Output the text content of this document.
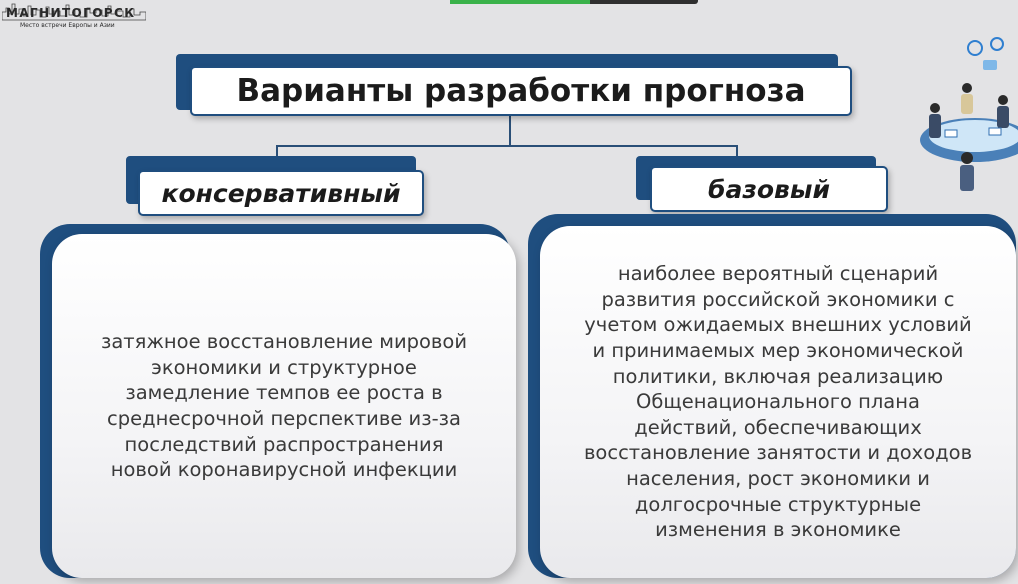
МАГНИТОГОРСК
Место встречи Европы и Азии
Варианты разработки прогноза
консервативный	базовый
затяжное восстановление мировой
экономики и структурное
замедление темпов ее роста в
среднесрочной перспективе из-за
последствий распространения
новой коронавирусной инфекции
наиболее вероятный сценарий
развития российской экономики с
учетом ожидаемых внешних условий
и принимаемых мер экономической
политики, включая реализацию
Общенационального плана
действий, обеспечивающих
восстановление занятости и доходов
населения, рост экономики и
долгосрочные структурные
изменения в экономике
